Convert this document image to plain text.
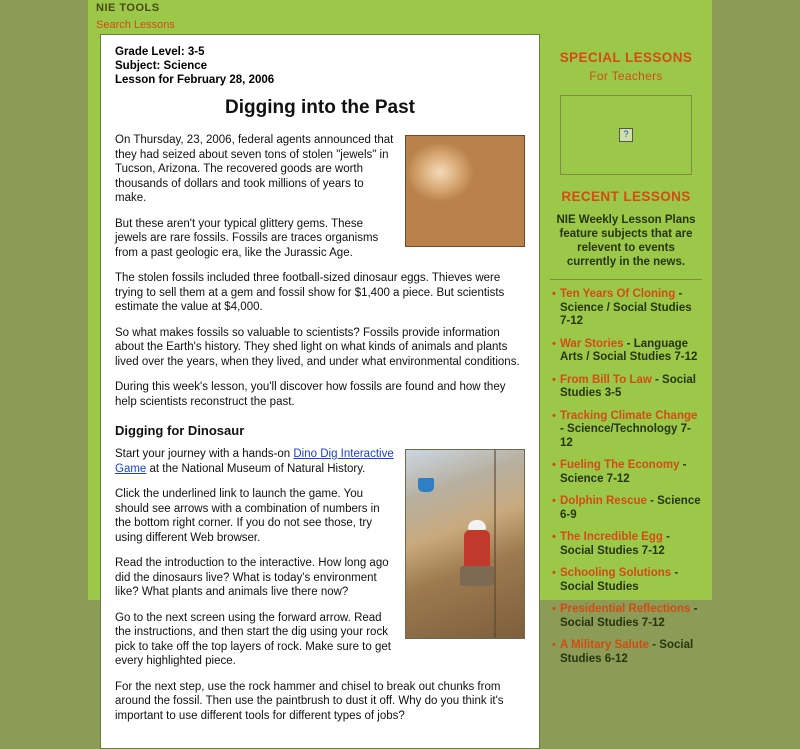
NIE TOOLS
Search Lessons
Grade Level: 3-5
Subject: Science
Lesson for February 28, 2006
Digging into the Past

On Thursday, 23, 2006, federal agents announced that they had seized about seven tons of stolen "jewels" in Tucson, Arizona. The recovered goods are worth thousands of dollars and took millions of years to make.

But these aren't your typical glittery gems. These jewels are rare fossils. Fossils are traces organisms from a past geologic era, like the Jurassic Age.

The stolen fossils included three football-sized dinosaur eggs. Thieves were trying to sell them at a gem and fossil show for $1,400 a piece. But scientists estimate the value at $4,000.

So what makes fossils so valuable to scientists? Fossils provide information about the Earth's history. They shed light on what kinds of animals and plants lived over the years, when they lived, and under what environmental conditions.

During this week's lesson, you'll discover how fossils are found and how they help scientists reconstruct the past.

Digging for Dinosaur

Start your journey with a hands-on Dino Dig Interactive Game at the National Museum of Natural History.

Click the underlined link to launch the game. You should see arrows with a combination of numbers in the bottom right corner. If you do not see those, try using different Web browser.

Read the introduction to the interactive. How long ago did the dinosaurs live? What is today's environment like? What plants and animals live there now?

Go to the next screen using the forward arrow. Read the instructions, and then start the dig using your rock pick to take off the top layers of rock. Make sure to get every highlighted piece.

For the next step, use the rock hammer and chisel to break out chunks from around the fossil. Then use the paintbrush to dust it off. Why do you think it's important to use different tools for different types of jobs?

SPECIAL LESSONS
For Teachers
?
RECENT LESSONS
NIE Weekly Lesson Plans feature subjects that are relevent to events currently in the news.
• Ten Years Of Cloning - Science / Social Studies 7-12
• War Stories - Language Arts / Social Studies 7-12
• From Bill To Law - Social Studies 3-5
• Tracking Climate Change - Science/Technology 7-12
• Fueling The Economy - Science 7-12
• Dolphin Rescue - Science 6-9
• The Incredible Egg - Social Studies 7-12
• Schooling Solutions - Social Studies
• Presidential Reflections - Social Studies 7-12
• A Military Salute - Social Studies 6-12
